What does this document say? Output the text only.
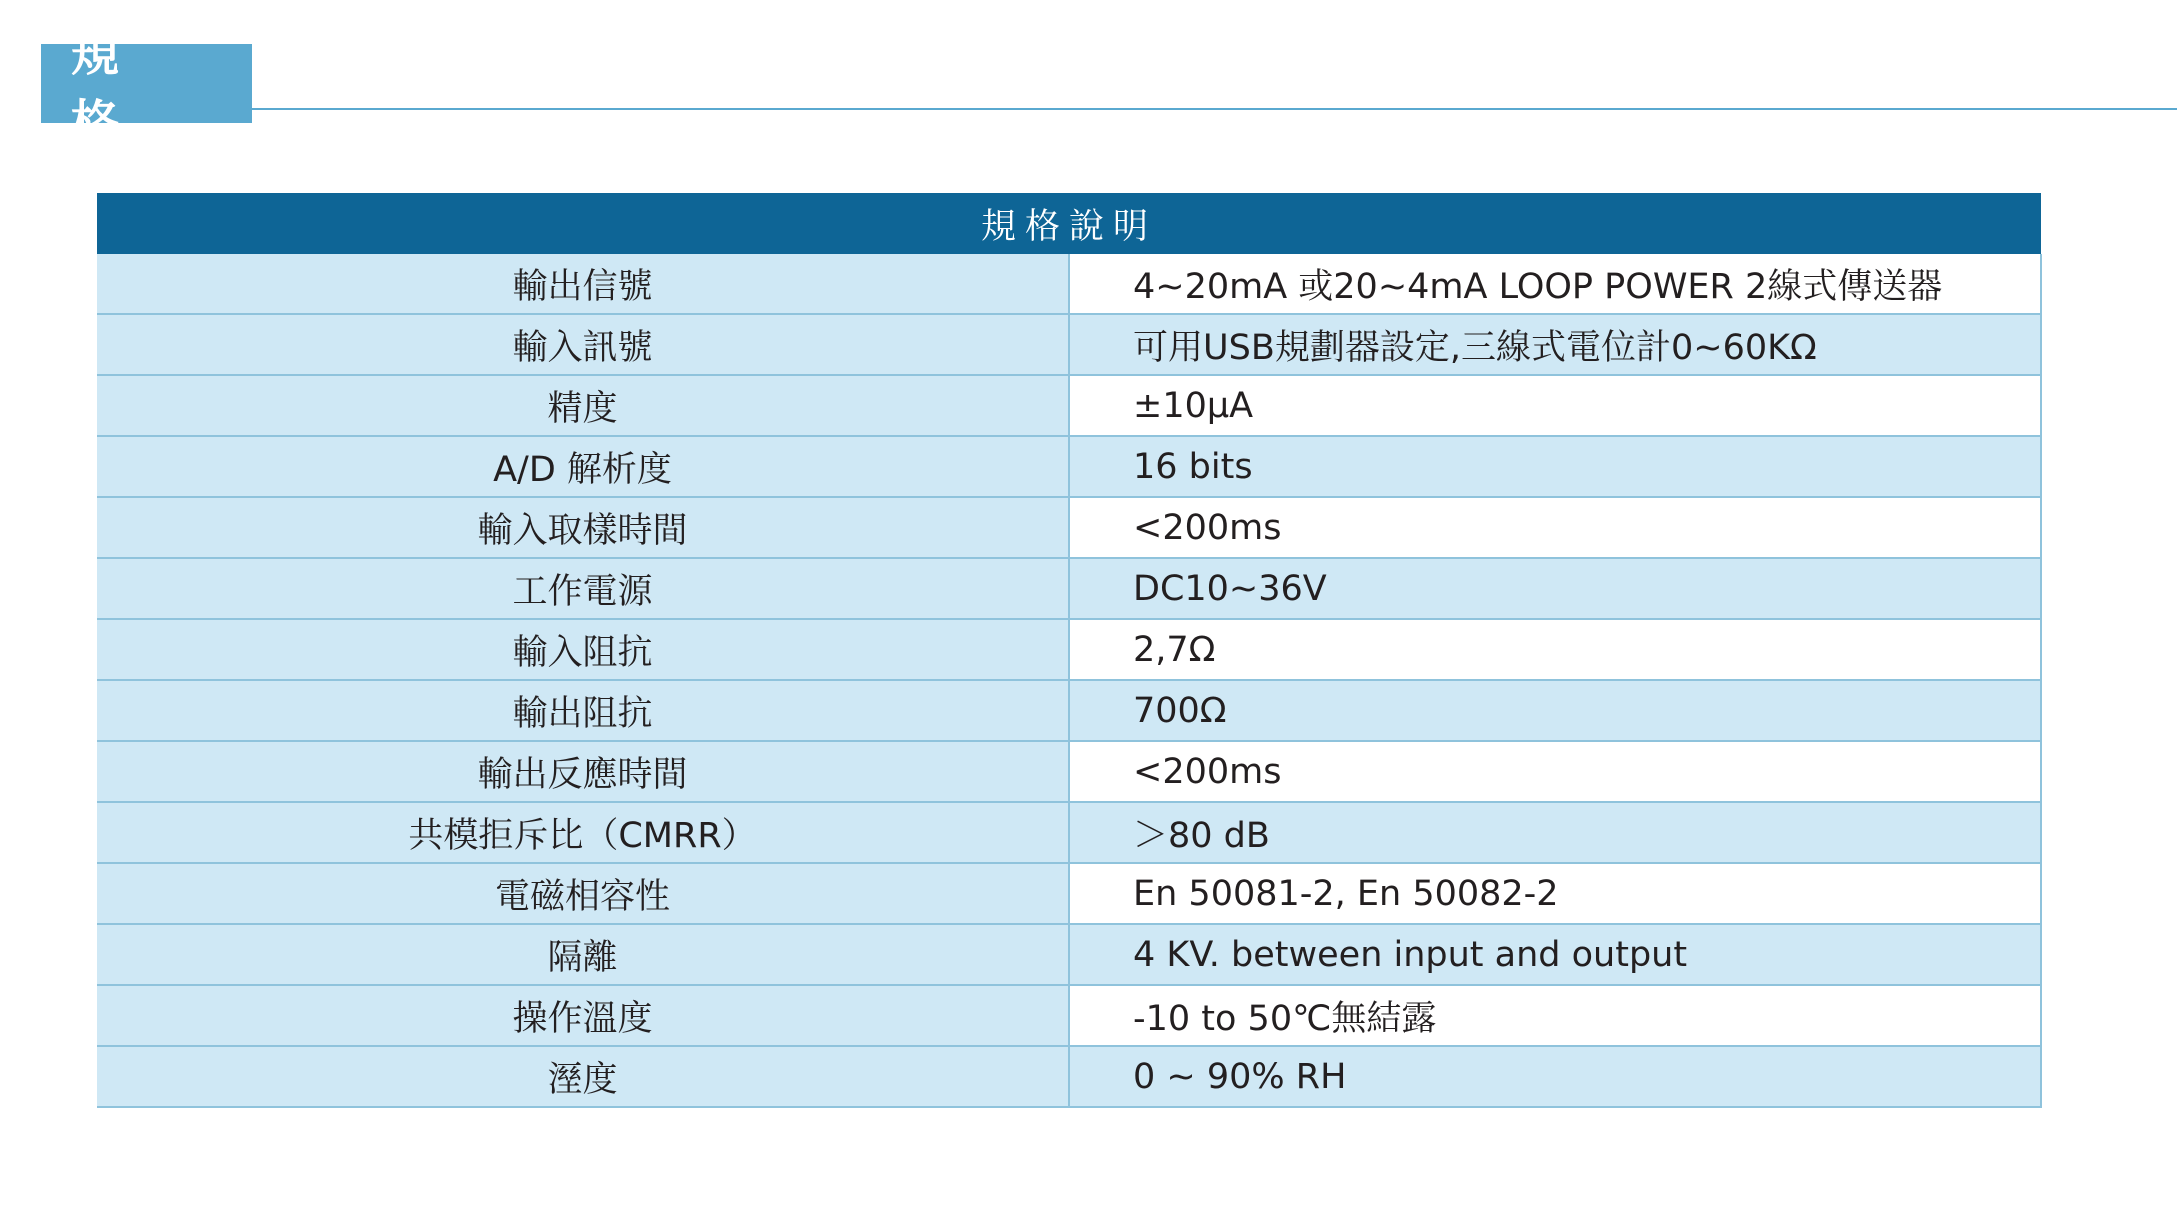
規 格
規格說明	
輸出信號	4~20mA 或20~4mA LOOP POWER 2線式傳送器
輸入訊號	可用USB規劃器設定,三線式電位計0~60KΩ
精度	±10μA
A/D 解析度	16 bits
輸入取樣時間	<200ms
工作電源	DC10~36V
輸入阻抗	2,7Ω
輸出阻抗	700Ω
輸出反應時間	<200ms
共模拒斥比（CMRR）	＞80 dB
電磁相容性	En 50081-2, En 50082-2
隔離	4 KV. between input and output
操作溫度	-10 to 50℃無結露
溼度	0 ~ 90% RH
